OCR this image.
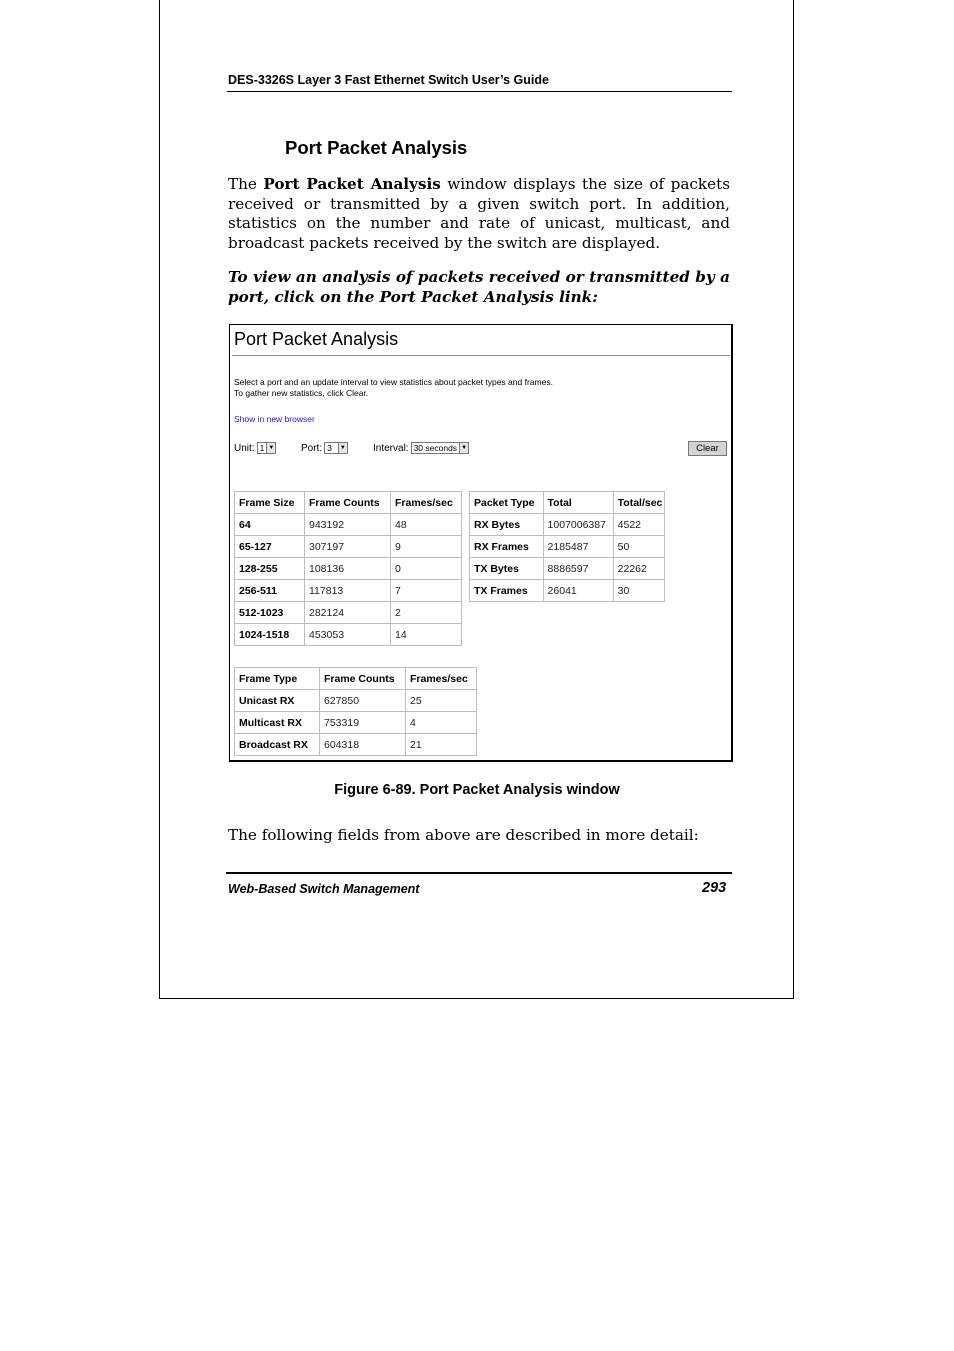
DES-3326S Layer 3 Fast Ethernet Switch User’s Guide
Port Packet Analysis
The Port Packet Analysis window displays the size of packets received or transmitted by a given switch port. In addition, statistics on the number and rate of unicast, multicast, and broadcast packets received by the switch are displayed.
To view an analysis of packets received or transmitted by a port, click on the Port Packet Analysis link:
Port Packet Analysis
Select a port and an update interval to view statistics about packet types and frames.
To gather new statistics, click Clear.
Show in new browser
Unit: 1 ▼	Port: 3	▼	Interval: 30 seconds ▼	Clear
Frame Size	Frame Counts	Frames/sec
64	943192	48
65-127	307197	9
128-255	108136	0
256-511	117813	7
512-1023	282124	2
1024-1518	453053	14
Packet Type	Total	Total/sec
RX Bytes	1007006387	4522
RX Frames	2185487	50
TX Bytes	8886597	22262
TX Frames	26041	30
Frame Type	Frame Counts	Frames/sec
Unicast RX	627850	25
Multicast RX	753319	4
Broadcast RX	604318	21
Figure 6-89. Port Packet Analysis window
The following fields from above are described in more detail:
Web-Based Switch Management	293
